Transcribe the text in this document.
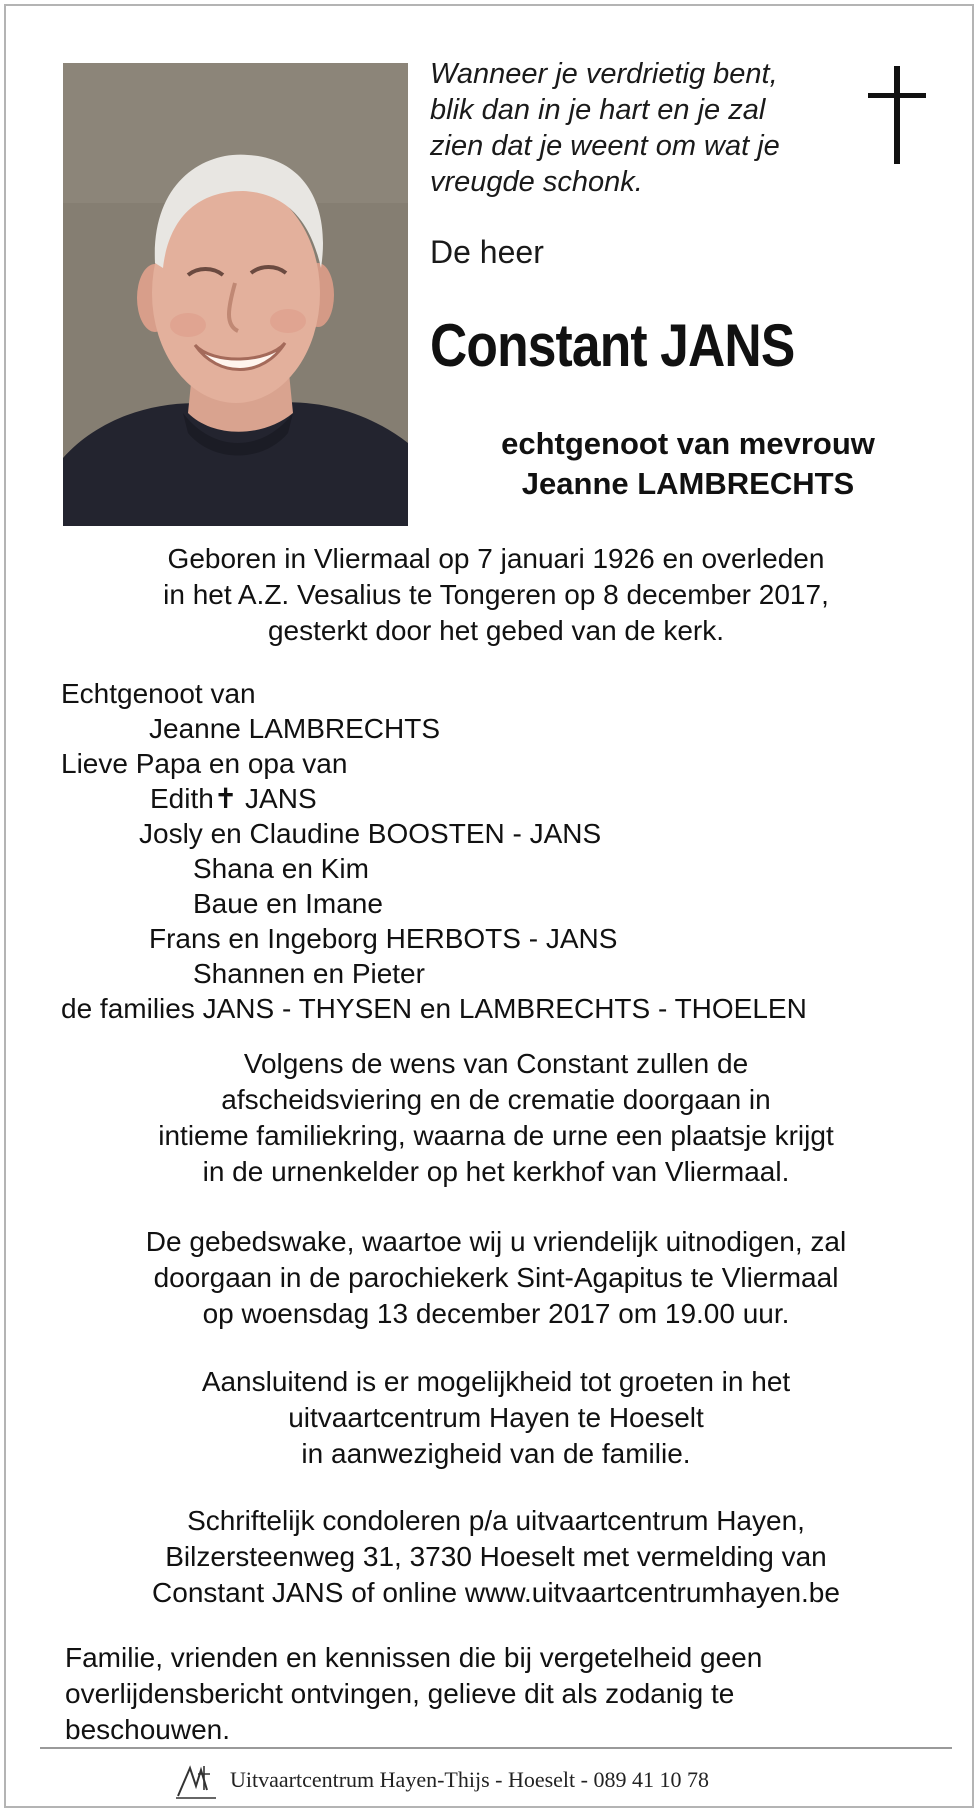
Wanneer je verdrietig bent,
blik dan in je hart en je zal
zien dat je weent om wat je
vreugde schonk.
De heer
Constant JANS
echtgenoot van mevrouw
Jeanne LAMBRECHTS
Geboren in Vliermaal op 7 januari 1926 en overleden
in het A.Z. Vesalius te Tongeren op 8 december 2017,
gesterkt door het gebed van de kerk.
Echtgenoot van
Jeanne LAMBRECHTS
Lieve Papa en opa van
Edith✝ JANS
Josly en Claudine BOOSTEN - JANS
Shana en Kim
Baue en Imane
Frans en Ingeborg HERBOTS - JANS
Shannen en Pieter
de families JANS - THYSEN en LAMBRECHTS - THOELEN
Volgens de wens van Constant zullen de
afscheidsviering en de crematie doorgaan in
intieme familiekring, waarna de urne een plaatsje krijgt
in de urnenkelder op het kerkhof van Vliermaal.
De gebedswake, waartoe wij u vriendelijk uitnodigen, zal
doorgaan in de parochiekerk Sint-Agapitus te Vliermaal
op woensdag 13 december 2017 om 19.00 uur.
Aansluitend is er mogelijkheid tot groeten in het
uitvaartcentrum Hayen te Hoeselt
in aanwezigheid van de familie.
Schriftelijk condoleren p/a uitvaartcentrum Hayen,
Bilzersteenweg 31, 3730 Hoeselt met vermelding van
Constant JANS of online www.uitvaartcentrumhayen.be
Familie, vrienden en kennissen die bij vergetelheid geen
overlijdensbericht ontvingen, gelieve dit als zodanig te
beschouwen.
Uitvaartcentrum Hayen-Thijs - Hoeselt - 089 41 10 78
